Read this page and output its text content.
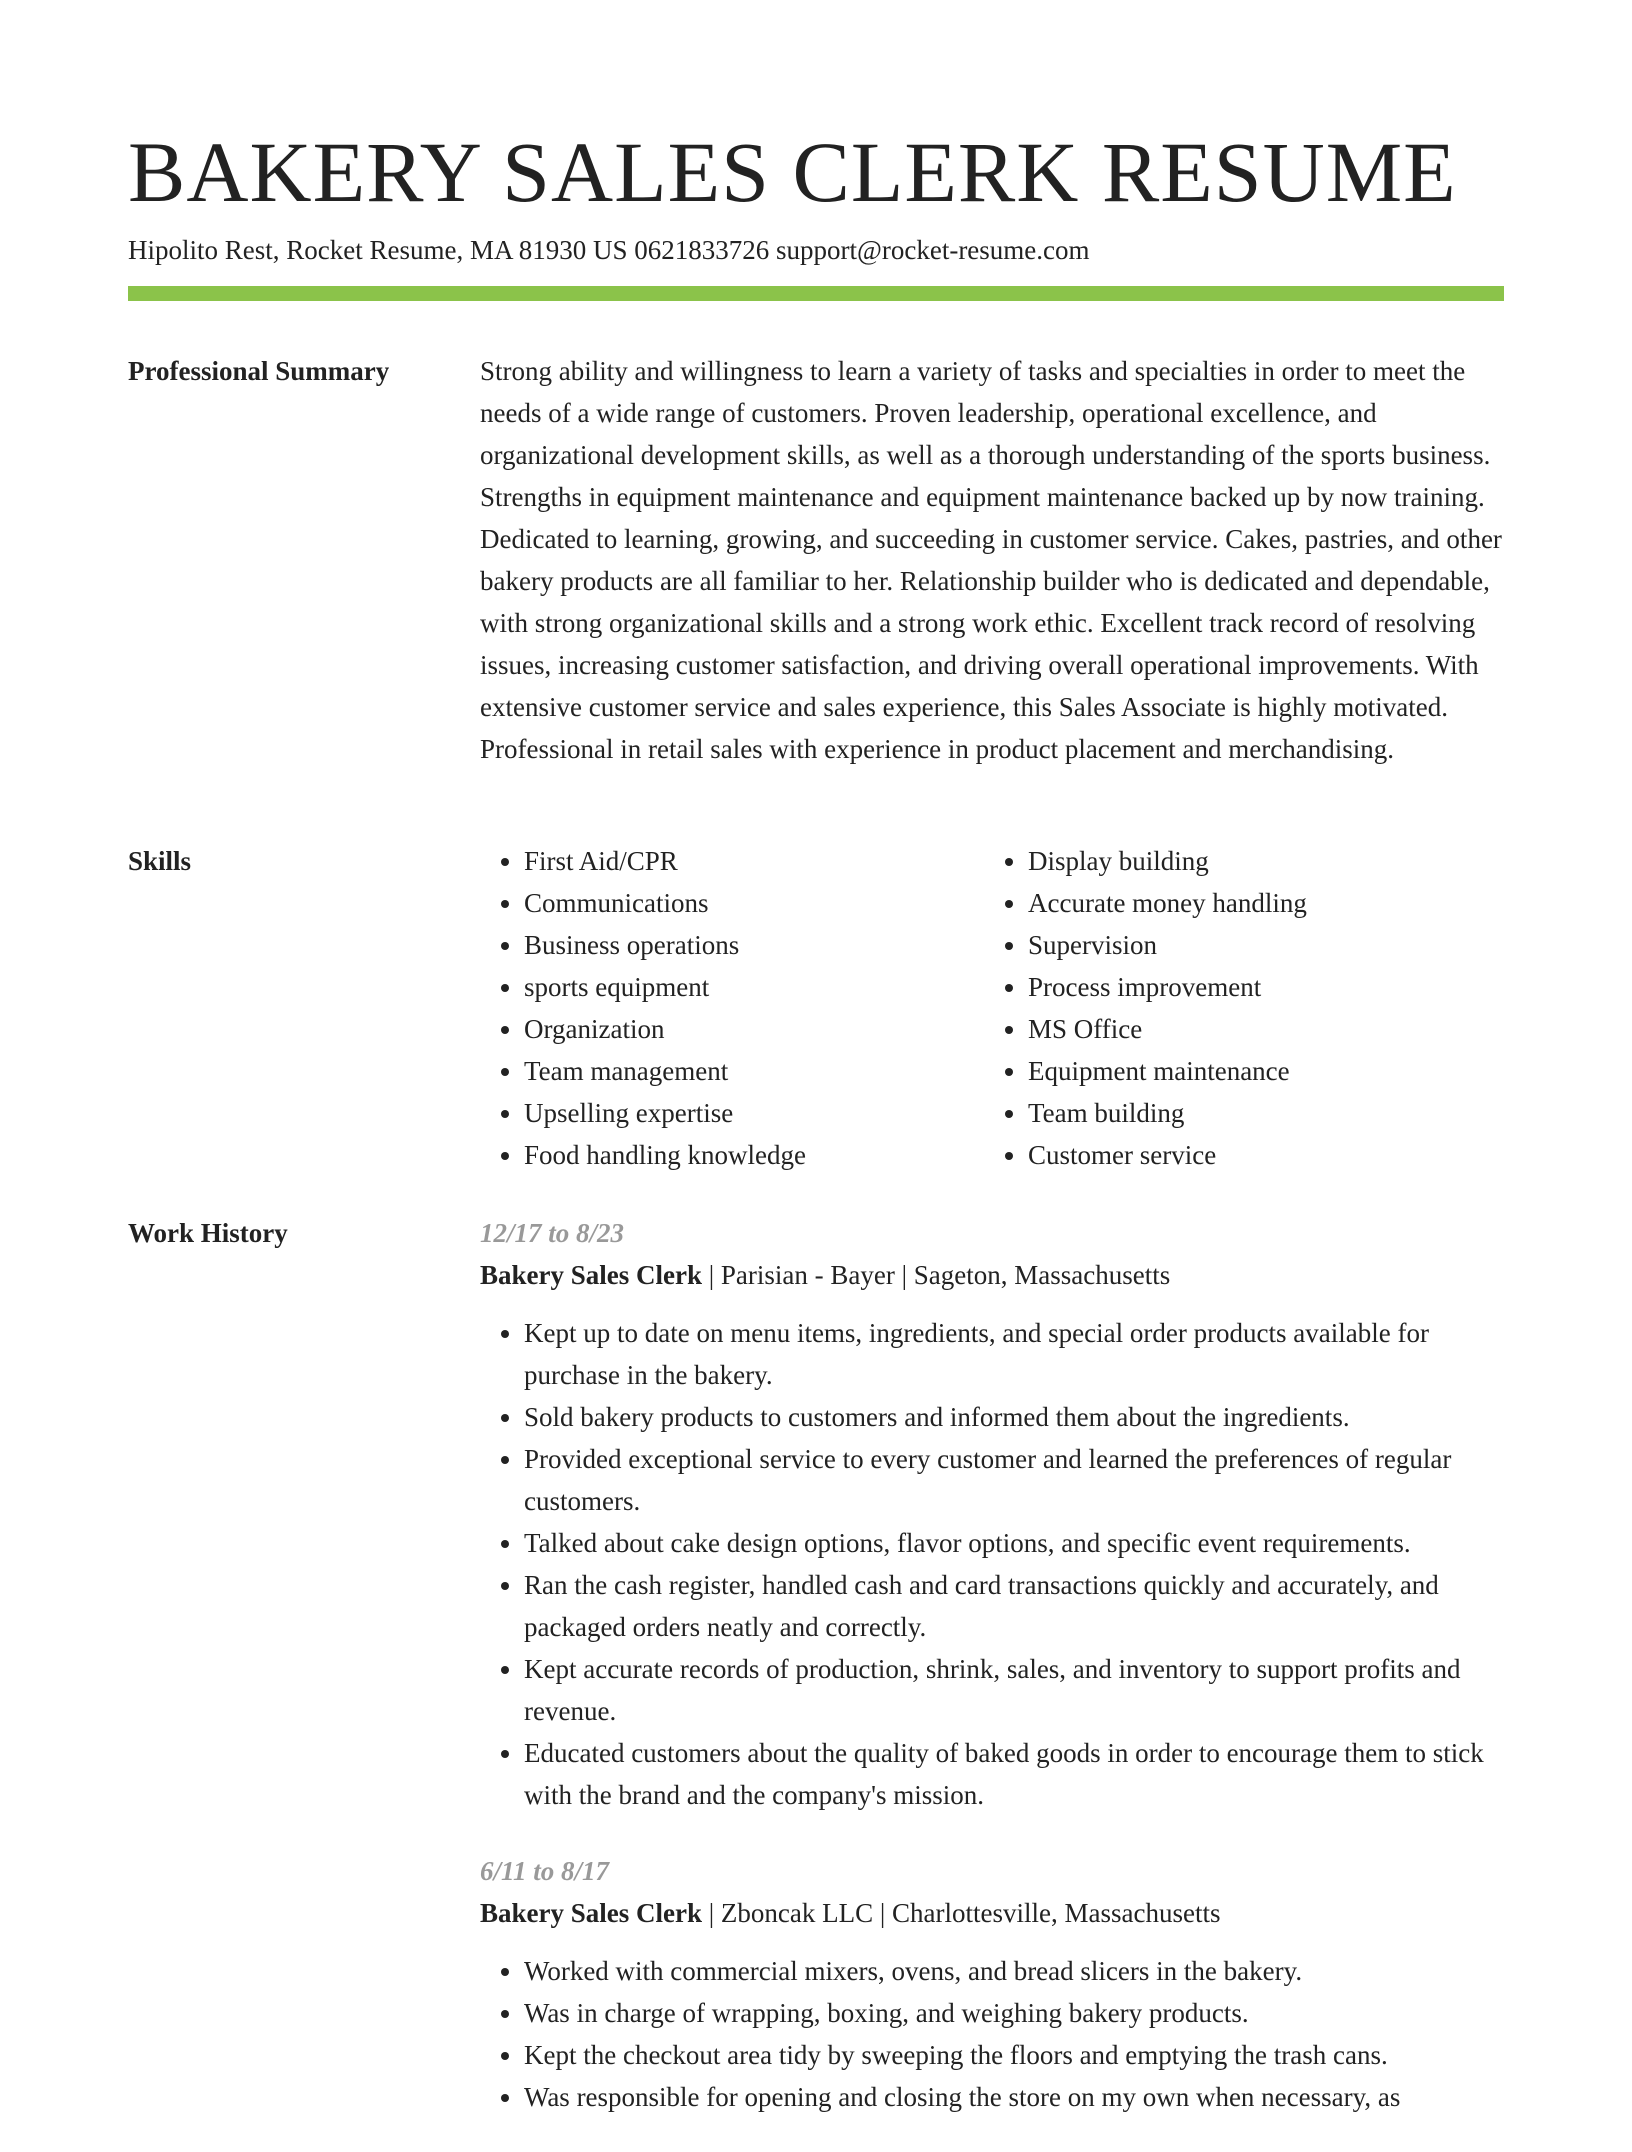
BAKERY SALES CLERK RESUME
Hipolito Rest, Rocket Resume, MA 81930 US 0621833726 support@rocket-resume.com
Professional Summary	Strong ability and willingness to learn a variety of tasks and specialties in order to meet the needs of a wide range of customers. Proven leadership, operational excellence, and organizational development skills, as well as a thorough understanding of the sports business. Strengths in equipment maintenance and equipment maintenance backed up by now training. Dedicated to learning, growing, and succeeding in customer service. Cakes, pastries, and other bakery products are all familiar to her. Relationship builder who is dedicated and dependable, with strong organizational skills and a strong work ethic. Excellent track record of resolving issues, increasing customer satisfaction, and driving overall operational improvements. With extensive customer service and sales experience, this Sales Associate is highly motivated. Professional in retail sales with experience in product placement and merchandising.

Skills
•	First Aid/CPR
• Communications
• Business operations
• sports equipment
• Organization
• Team management
• Upselling expertise
• Food handling knowledge
• Display building
• Accurate money handling
• Supervision
• Process improvement
• MS Office
• Equipment maintenance
• Team building
• Customer service
Work History	12/17 to 8/23
Bakery Sales Clerk | Parisian - Bayer | Sageton, Massachusetts
• Kept up to date on menu items, ingredients, and special order products available for purchase in the bakery.
• Sold bakery products to customers and informed them about the ingredients.
• Provided exceptional service to every customer and learned the preferences of regular customers.
• Talked about cake design options, flavor options, and specific event requirements.
• Ran the cash register, handled cash and card transactions quickly and accurately, and packaged orders neatly and correctly.
• Kept accurate records of production, shrink, sales, and inventory to support profits and revenue.
• Educated customers about the quality of baked goods in order to encourage them to stick with the brand and the company's mission.
6/11 to 8/17
Bakery Sales Clerk | Zboncak LLC | Charlottesville, Massachusetts
• Worked with commercial mixers, ovens, and bread slicers in the bakery.
• Was in charge of wrapping, boxing, and weighing bakery products.
• Kept the checkout area tidy by sweeping the floors and emptying the trash cans.
• Was responsible for opening and closing the store on my own when necessary, as
